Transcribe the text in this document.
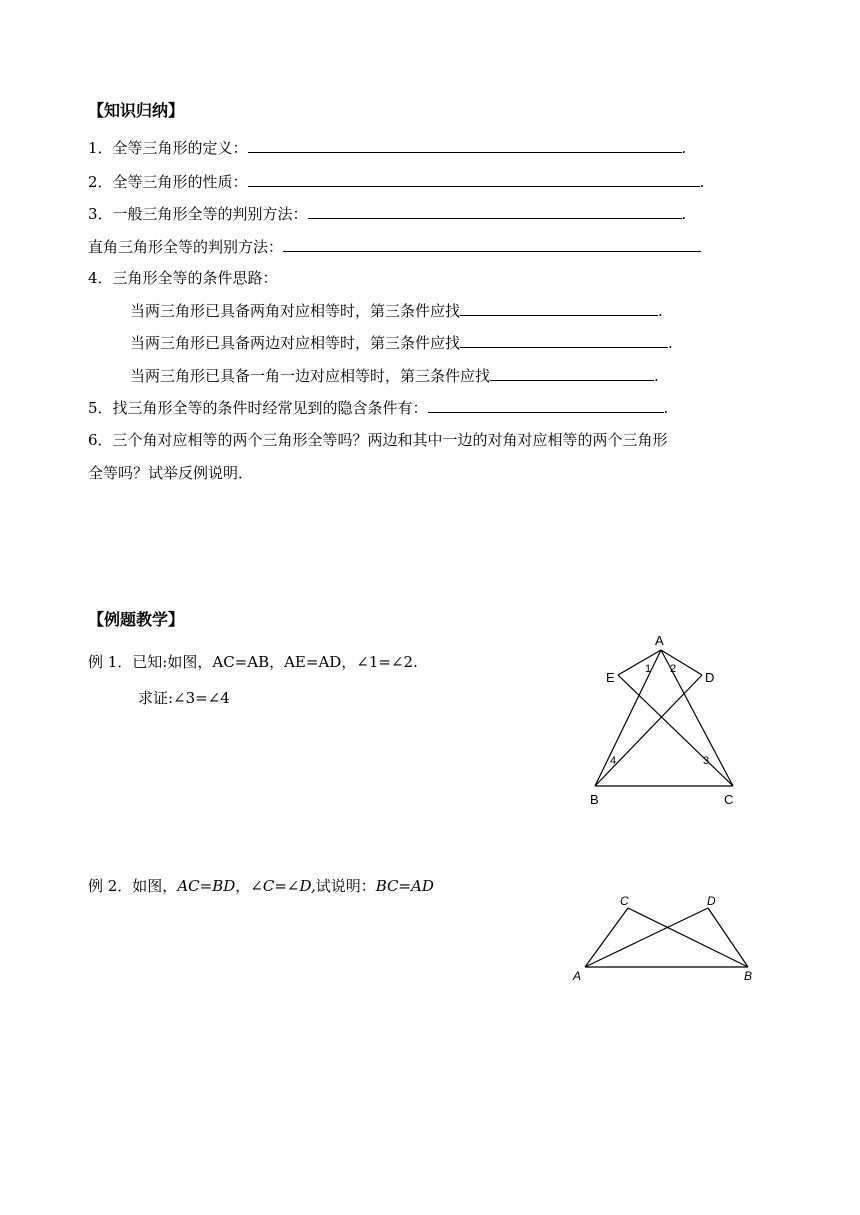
【知识归纳】
1．全等三角形的定义：	.
2．全等三角形的性质：	.
3．一般三角形全等的判别方法：	.
直角三角形全等的判别方法：
4．三角形全等的条件思路：
当两三角形已具备两角对应相等时，第三条件应找	.
当两三角形已具备两边对应相等时，第三条件应找	.
当两三角形已具备一角一边对应相等时，第三条件应找	.
5．找三角形全等的条件时经常见到的隐含条件有：	.
6．三个角对应相等的两个三角形全等吗？两边和其中一边的对角对应相等的两个三角形
全等吗？试举反例说明．
【例题教学】
例 1．已知:如图，AC=AB，AE=AD，∠1=∠2.
求证:∠3=∠4
A
B	C
D
E
1 2
3
4
例 2．如图，AC=BD，∠C=∠D,试说明：BC=AD
A	B
C	D
